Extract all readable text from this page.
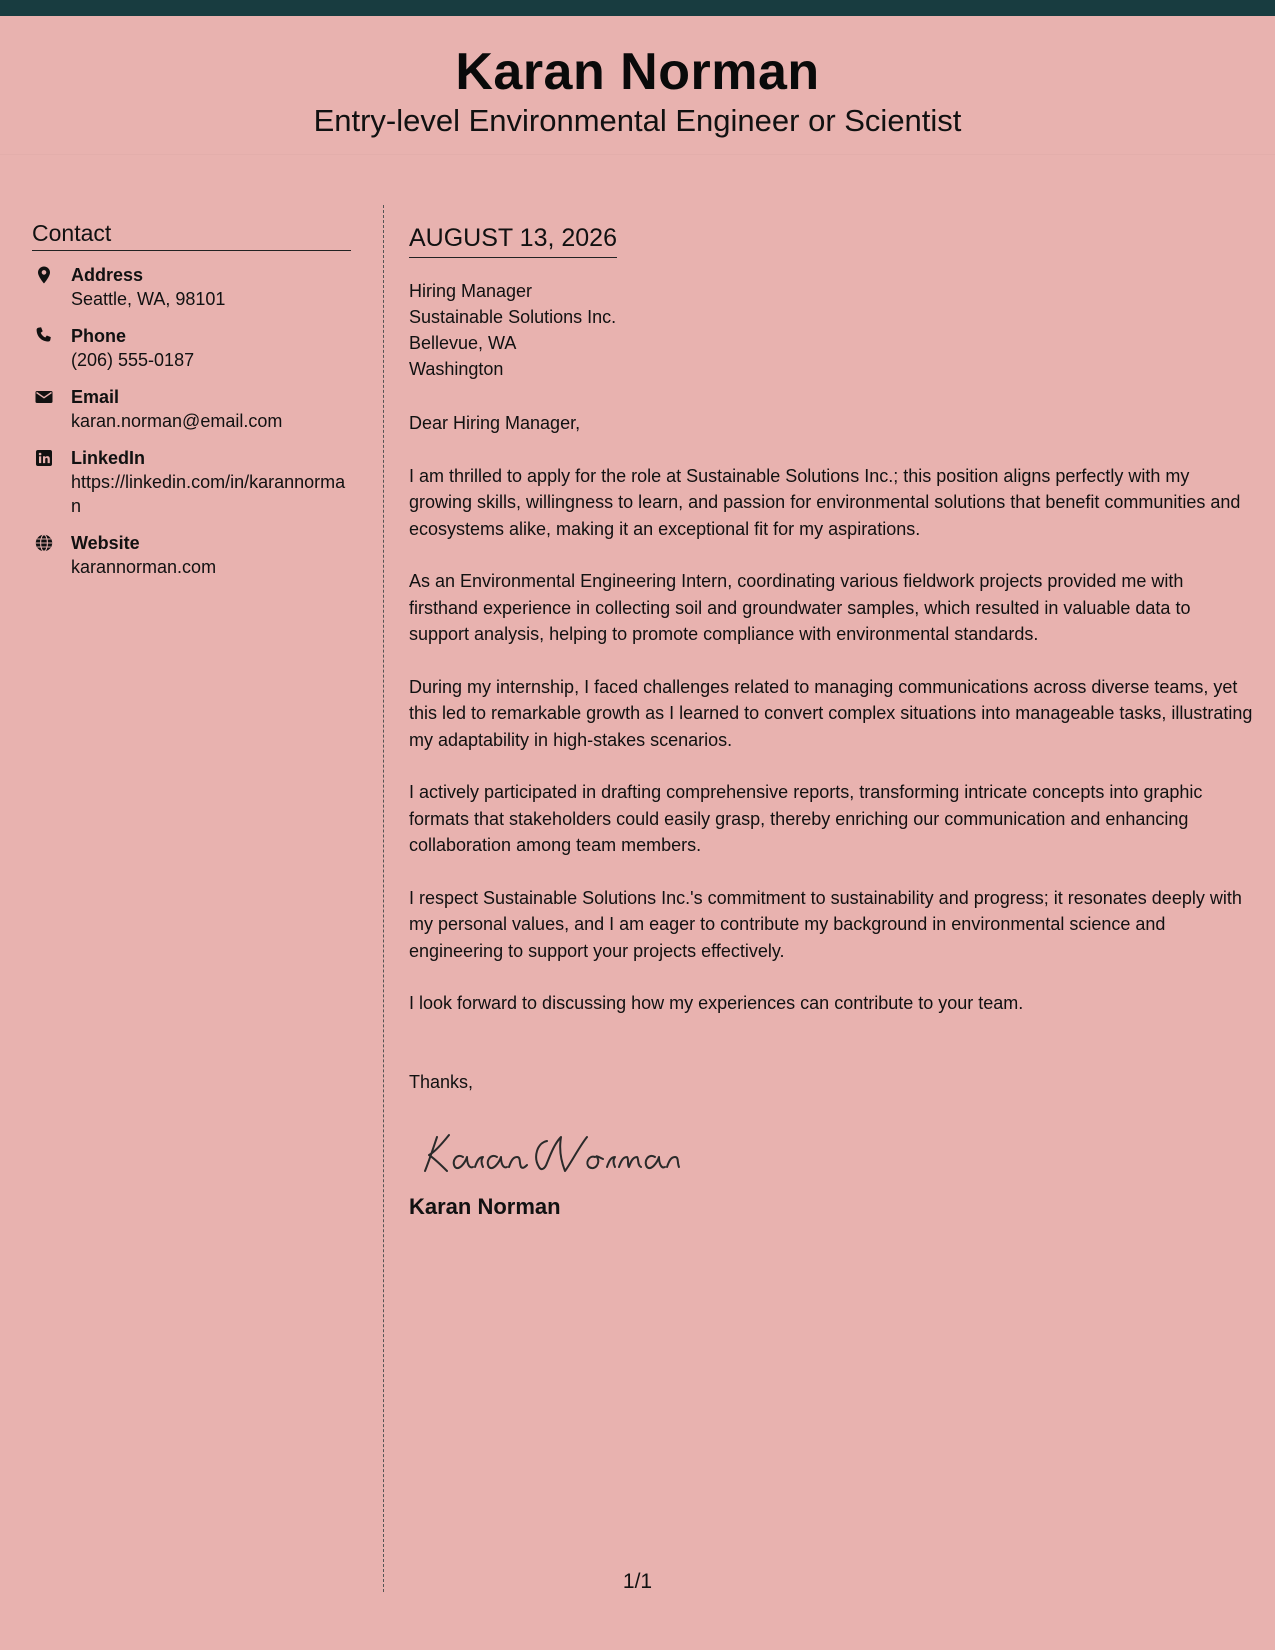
Karan Norman
Entry-level Environmental Engineer or Scientist
Contact
Address
Seattle, WA, 98101
Phone
(206) 555-0187
Email
karan.norman@email.com
LinkedIn
https://linkedin.com/in/karannorman
Website
karannorman.com
AUGUST 13, 2026
Hiring Manager
Sustainable Solutions Inc.
Bellevue, WA
Washington
Dear Hiring Manager,
I am thrilled to apply for the role at Sustainable Solutions Inc.; this position aligns perfectly with my growing skills, willingness to learn, and passion for environmental solutions that benefit communities and ecosystems alike, making it an exceptional fit for my aspirations.
As an Environmental Engineering Intern, coordinating various fieldwork projects provided me with firsthand experience in collecting soil and groundwater samples, which resulted in valuable data to support analysis, helping to promote compliance with environmental standards.
During my internship, I faced challenges related to managing communications across diverse teams, yet this led to remarkable growth as I learned to convert complex situations into manageable tasks, illustrating my adaptability in high-stakes scenarios.
I actively participated in drafting comprehensive reports, transforming intricate concepts into graphic formats that stakeholders could easily grasp, thereby enriching our communication and enhancing collaboration among team members.
I respect Sustainable Solutions Inc.'s commitment to sustainability and progress; it resonates deeply with my personal values, and I am eager to contribute my background in environmental science and engineering to support your projects effectively.
I look forward to discussing how my experiences can contribute to your team.
Thanks,
Karan Norman
1/1
